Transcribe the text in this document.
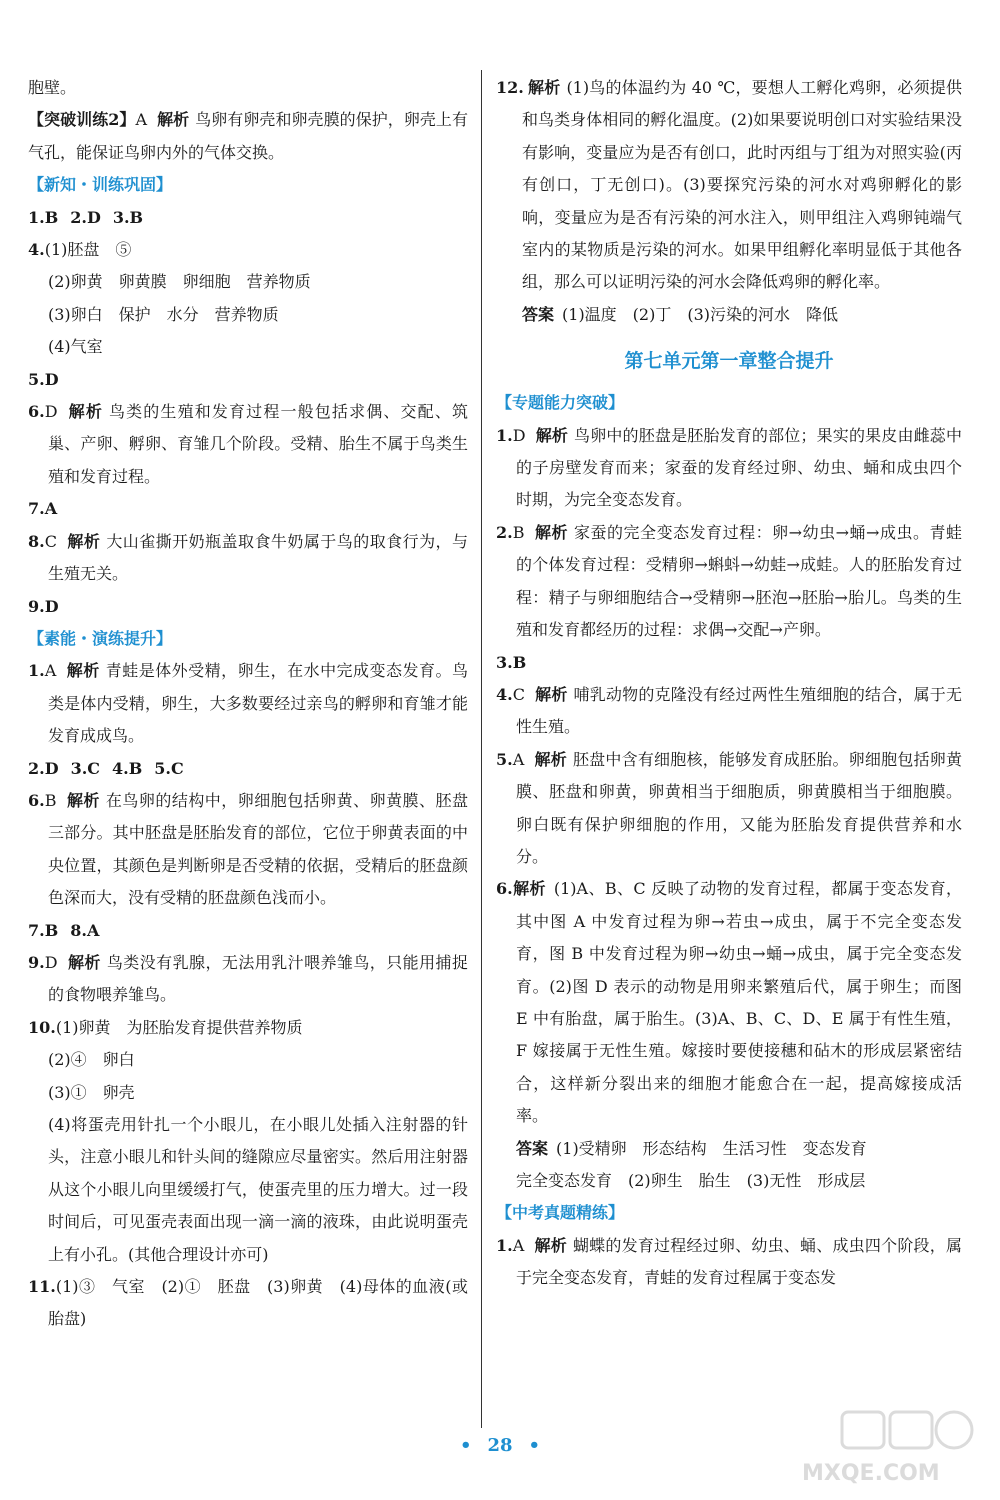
胞壁。

【突破训练2】A 解析 鸟卵有卵壳和卵壳膜的保护，卵壳上有气孔，能保证鸟卵内外的气体交换。

【新知・训练巩固】

1.B 2.D 3.B

4.(1)胚盘　⑤

(2)卵黄　卵黄膜　卵细胞　营养物质

(3)卵白　保护　水分　营养物质

(4)气室

5.D

6.D 解析 鸟类的生殖和发育过程一般包括求偶、交配、筑巢、产卵、孵卵、育雏几个阶段。受精、胎生不属于鸟类生殖和发育过程。

7.A

8.C 解析 大山雀撕开奶瓶盖取食牛奶属于鸟的取食行为，与生殖无关。

9.D

【素能・演练提升】

1.A 解析 青蛙是体外受精，卵生，在水中完成变态发育。鸟类是体内受精，卵生，大多数要经过亲鸟的孵卵和育雏才能发育成成鸟。

2.D 3.C 4.B 5.C

6.B 解析 在鸟卵的结构中，卵细胞包括卵黄、卵黄膜、胚盘三部分。其中胚盘是胚胎发育的部位，它位于卵黄表面的中央位置，其颜色是判断卵是否受精的依据，受精后的胚盘颜色深而大，没有受精的胚盘颜色浅而小。

7.B 8.A

9.D 解析 鸟类没有乳腺，无法用乳汁喂养雏鸟，只能用捕捉的食物喂养雏鸟。

10.(1)卵黄　为胚胎发育提供营养物质

(2)④　卵白

(3)①　卵壳

(4)将蛋壳用针扎一个小眼儿，在小眼儿处插入注射器的针头，注意小眼儿和针头间的缝隙应尽量密实。然后用注射器从这个小眼儿向里缓缓打气，使蛋壳里的压力增大。过一段时间后，可见蛋壳表面出现一滴一滴的液珠，由此说明蛋壳上有小孔。(其他合理设计亦可)

11.(1)③　气室　(2)①　胚盘　(3)卵黄　(4)母体的血液(或胎盘)

12. 解析 (1)鸟的体温约为 40 ℃，要想人工孵化鸡卵，必须提供和鸟类身体相同的孵化温度。(2)如果要说明创口对实验结果没有影响，变量应为是否有创口，此时丙组与丁组为对照实验(丙有创口，丁无创口)。(3)要探究污染的河水对鸡卵孵化的影响，变量应为是否有污染的河水注入，则甲组注入鸡卵钝端气室内的某物质是污染的河水。如果甲组孵化率明显低于其他各组，那么可以证明污染的河水会降低鸡卵的孵化率。

答案 (1)温度　(2)丁　(3)污染的河水　降低

第七单元第一章整合提升

【专题能力突破】

1.D 解析 鸟卵中的胚盘是胚胎发育的部位；果实的果皮由雌蕊中的子房壁发育而来；家蚕的发育经过卵、幼虫、蛹和成虫四个时期，为完全变态发育。

2.B 解析 家蚕的完全变态发育过程：卵→幼虫→蛹→成虫。青蛙的个体发育过程：受精卵→蝌蚪→幼蛙→成蛙。人的胚胎发育过程：精子与卵细胞结合→受精卵→胚泡→胚胎→胎儿。鸟类的生殖和发育都经历的过程：求偶→交配→产卵。

3.B

4.C 解析 哺乳动物的克隆没有经过两性生殖细胞的结合，属于无性生殖。

5.A 解析 胚盘中含有细胞核，能够发育成胚胎。卵细胞包括卵黄膜、胚盘和卵黄，卵黄相当于细胞质，卵黄膜相当于细胞膜。卵白既有保护卵细胞的作用，又能为胚胎发育提供营养和水分。

6.解析 (1)A、B、C 反映了动物的发育过程，都属于变态发育，其中图 A 中发育过程为卵→若虫→成虫，属于不完全变态发育，图 B 中发育过程为卵→幼虫→蛹→成虫，属于完全变态发育。(2)图 D 表示的动物是用卵来繁殖后代，属于卵生；而图 E 中有胎盘，属于胎生。(3)A、B、C、D、E 属于有性生殖，F 嫁接属于无性生殖。嫁接时要使接穗和砧木的形成层紧密结合，这样新分裂出来的细胞才能愈合在一起，提高嫁接成活率。

答案 (1)受精卵　形态结构　生活习性　变态发育

完全变态发育　(2)卵生　胎生　(3)无性　形成层

【中考真题精练】

1.A 解析 蝴蝶的发育过程经过卵、幼虫、蛹、成虫四个阶段，属于完全变态发育，青蛙的发育过程属于变态发

• 28 •
MXQE.COM
